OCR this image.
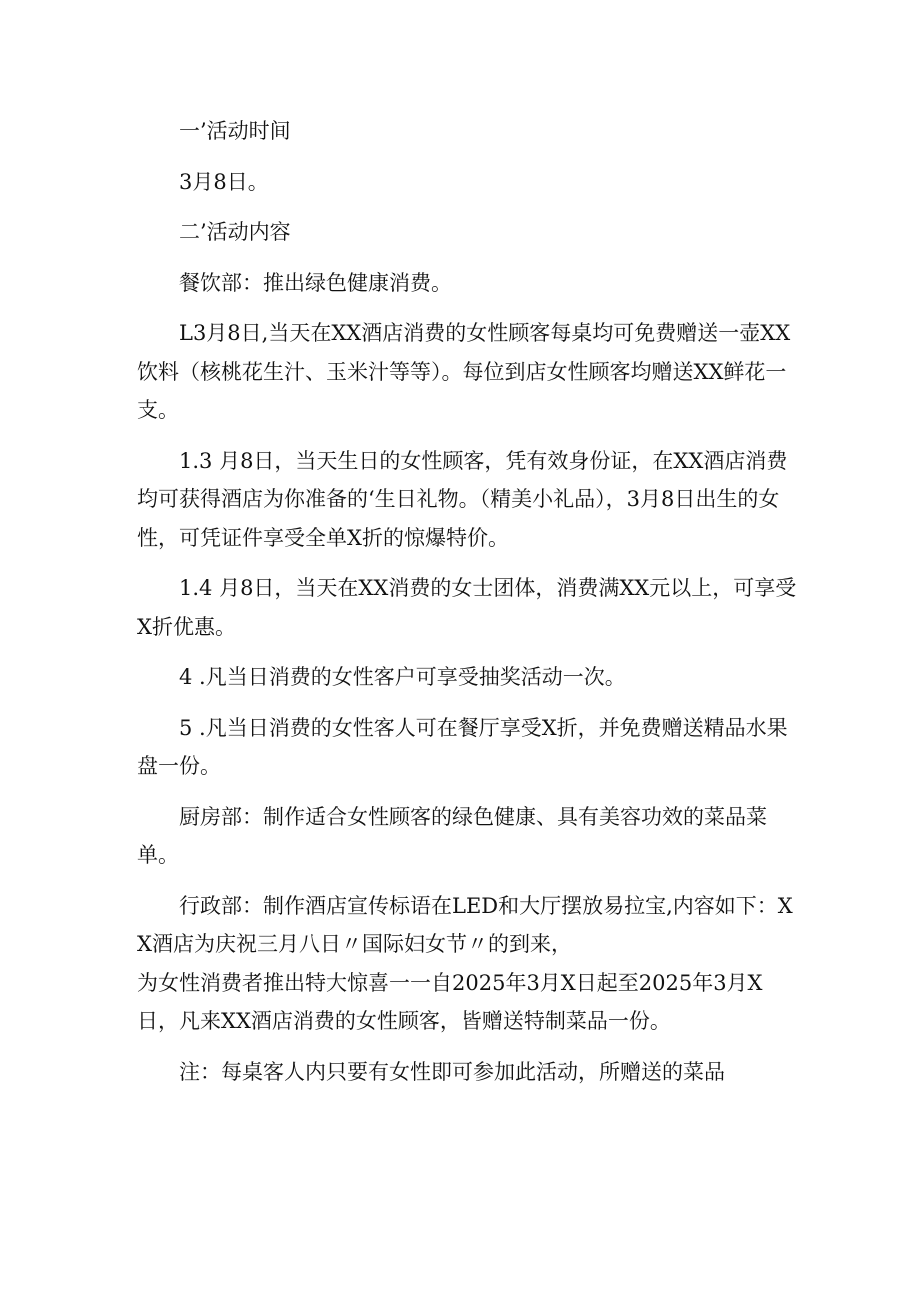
一’活动时间

3月8日。

二’活动内容

餐饮部：推出绿色健康消费。

L3月8日,当天在XX酒店消费的女性顾客每桌均可免费赠送一壶XX饮料（核桃花生汁、玉米汁等等）。每位到店女性顾客均赠送XX鲜花一支。

1.3 月8日，当天生日的女性顾客，凭有效身份证，在XX酒店消费均可获得酒店为你准备的‘生日礼物。（精美小礼品），3月8日出生的女性，可凭证件享受全单X折的惊爆特价。

1.4 月8日，当天在XX消费的女士团体，消费满XX元以上，可享受X折优惠。

4 .凡当日消费的女性客户可享受抽奖活动一次。

5 .凡当日消费的女性客人可在餐厅享受X折，并免费赠送精品水果盘一份。

厨房部：制作适合女性顾客的绿色健康、具有美容功效的菜品菜单。

行政部：制作酒店宣传标语在LED和大厅摆放易拉宝,内容如下：XX酒店为庆祝三月八日〃国际妇女节〃的到来，

为女性消费者推出特大惊喜一一自2025年3月X日起至2025年3月X日，凡来XX酒店消费的女性顾客，皆赠送特制菜品一份。

注：每桌客人内只要有女性即可参加此活动，所赠送的菜品
